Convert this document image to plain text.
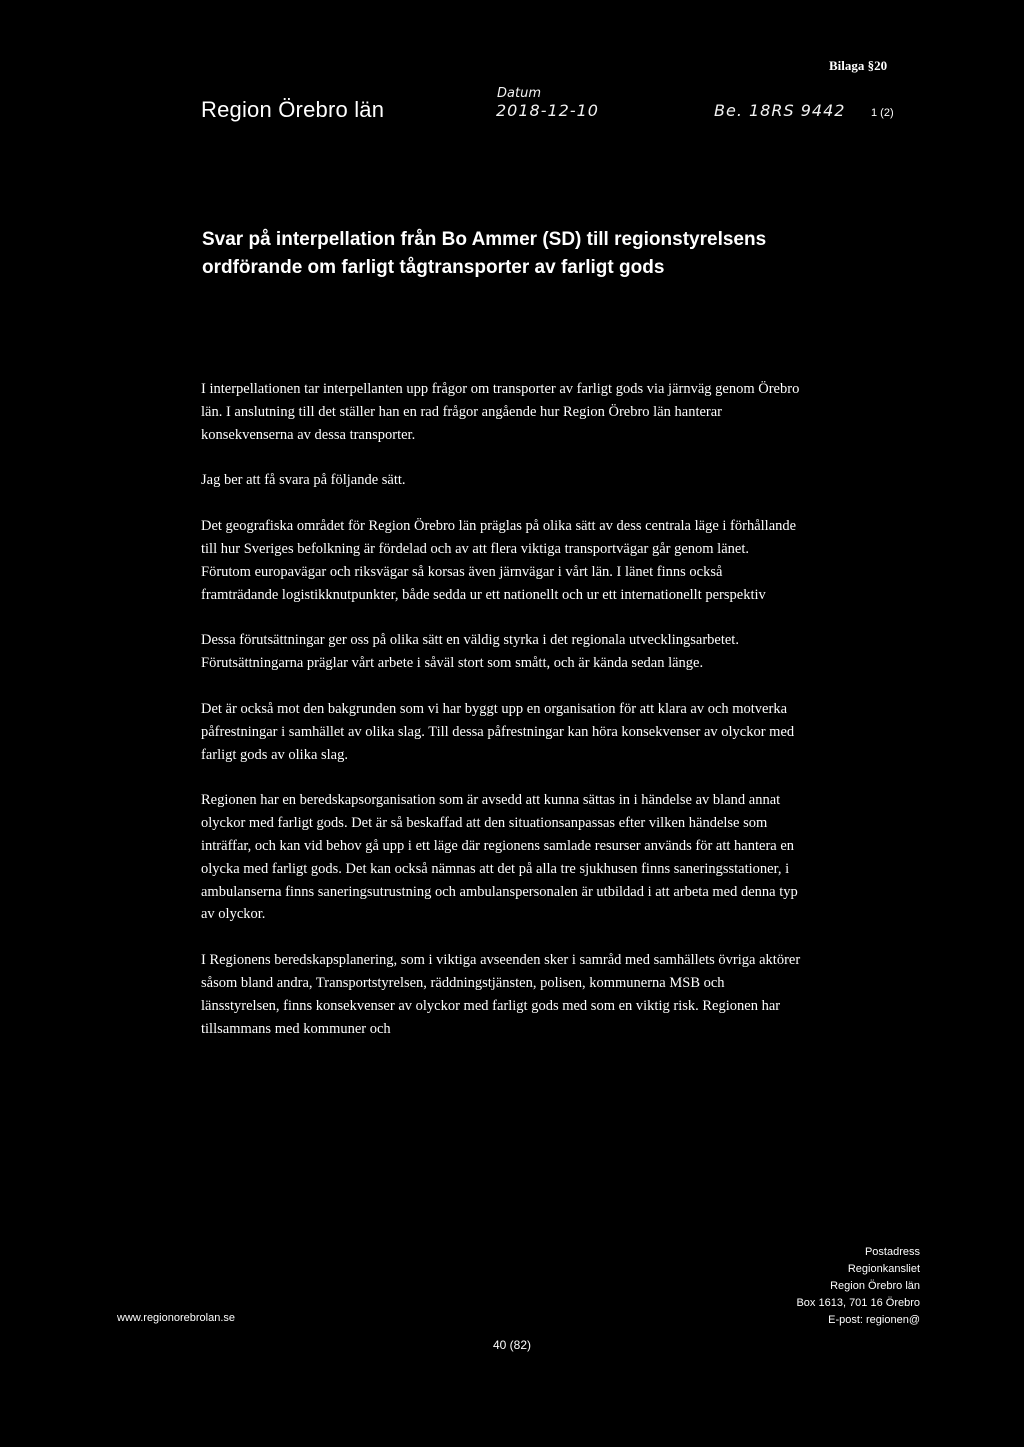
Bilaga §20
Region Örebro län
Datum
2018-12-10	Be. 18RS 9442 1 (2)
Svar på interpellation från Bo Ammer (SD) till regionstyrelsens ordförande om farligt tågtransporter av farligt gods

I interpellationen tar interpellanten upp frågor om transporter av farligt gods via järnväg genom Örebro län. I anslutning till det ställer han en rad frågor angående hur Region Örebro län hanterar konsekvenserna av dessa transporter.

Jag ber att få svara på följande sätt.

Det geografiska området för Region Örebro län präglas på olika sätt av dess centrala läge i förhållande till hur Sveriges befolkning är fördelad och av att flera viktiga transportvägar går genom länet. Förutom europavägar och riksvägar så korsas även järnvägar i vårt län. I länet finns också framträdande logistikknutpunkter, både sedda ur ett nationellt och ur ett internationellt perspektiv

Dessa förutsättningar ger oss på olika sätt en väldig styrka i det regionala utvecklingsarbetet. Förutsättningarna präglar vårt arbete i såväl stort som smått, och är kända sedan länge.

Det är också mot den bakgrunden som vi har byggt upp en organisation för att klara av och motverka påfrestningar i samhället av olika slag. Till dessa påfrestningar kan höra konsekvenser av olyckor med farligt gods av olika slag.

Regionen har en beredskapsorganisation som är avsedd att kunna sättas in i händelse av bland annat olyckor med farligt gods. Det är så beskaffad att den situationsanpassas efter vilken händelse som inträffar, och kan vid behov gå upp i ett läge där regionens samlade resurser används för att hantera en olycka med farligt gods. Det kan också nämnas att det på alla tre sjukhusen finns saneringsstationer, i ambulanserna finns saneringsutrustning och ambulanspersonalen är utbildad i att arbeta med denna typ av olyckor.

I Regionens beredskapsplanering, som i viktiga avseenden sker i samråd med samhällets övriga aktörer såsom bland andra, Transportstyrelsen, räddningstjänsten, polisen, kommunerna MSB och länsstyrelsen, finns konsekvenser av olyckor med farligt gods med som en viktig risk. Regionen har tillsammans med kommuner och

www.regionorebrolan.se
Postadress
Regionkansliet
Region Örebro län
Box 1613, 701 16 Örebro
E-post: regionen@
40 (82)
